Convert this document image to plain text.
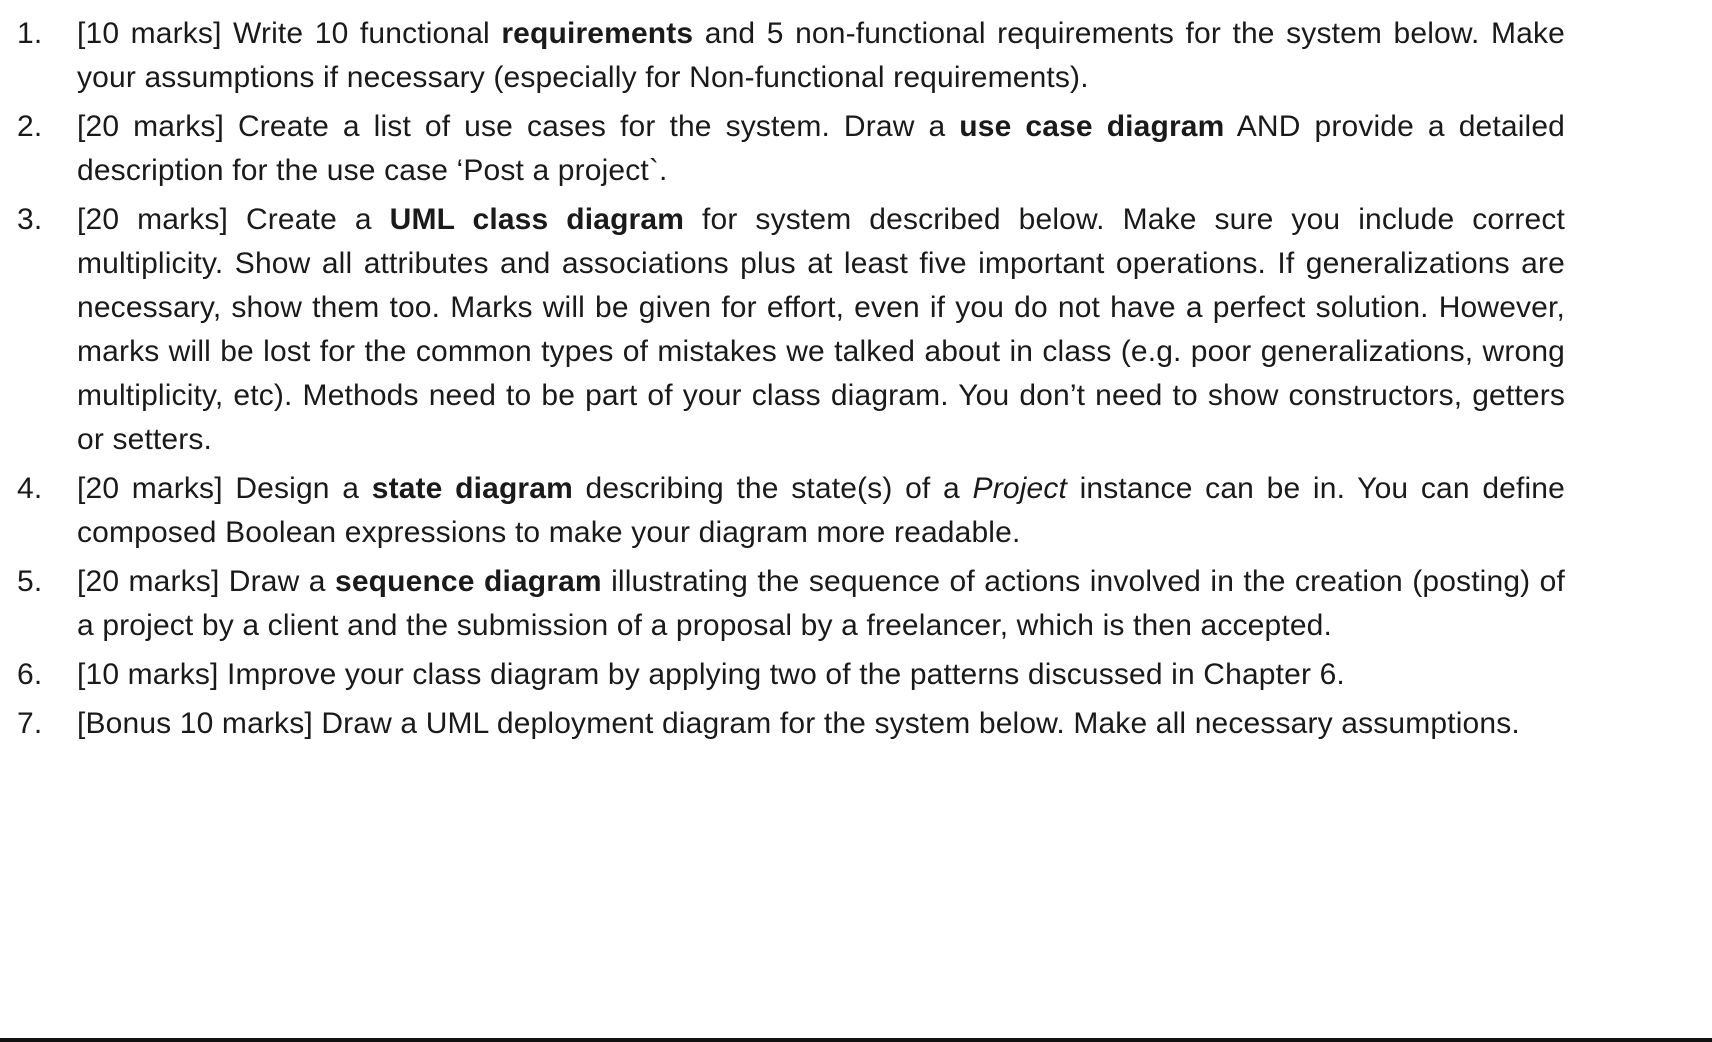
1. [10 marks] Write 10 functional requirements and 5 non-functional requirements for the system below. Make your assumptions if necessary (especially for Non-functional requirements).
2. [20 marks] Create a list of use cases for the system. Draw a use case diagram AND provide a detailed description for the use case ‘Post a project`.
3. [20 marks] Create a UML class diagram for system described below. Make sure you include correct multiplicity. Show all attributes and associations plus at least five important operations. If generalizations are necessary, show them too. Marks will be given for effort, even if you do not have a perfect solution. However, marks will be lost for the common types of mistakes we talked about in class (e.g. poor generalizations, wrong multiplicity, etc). Methods need to be part of your class diagram. You don’t need to show constructors, getters or setters.
4. [20 marks] Design a state diagram describing the state(s) of a Project instance can be in. You can define composed Boolean expressions to make your diagram more readable.
5. [20 marks] Draw a sequence diagram illustrating the sequence of actions involved in the creation (posting) of a project by a client and the submission of a proposal by a freelancer, which is then accepted.
6. [10 marks] Improve your class diagram by applying two of the patterns discussed in Chapter 6.
7. [Bonus 10 marks] Draw a UML deployment diagram for the system below. Make all necessary assumptions.
